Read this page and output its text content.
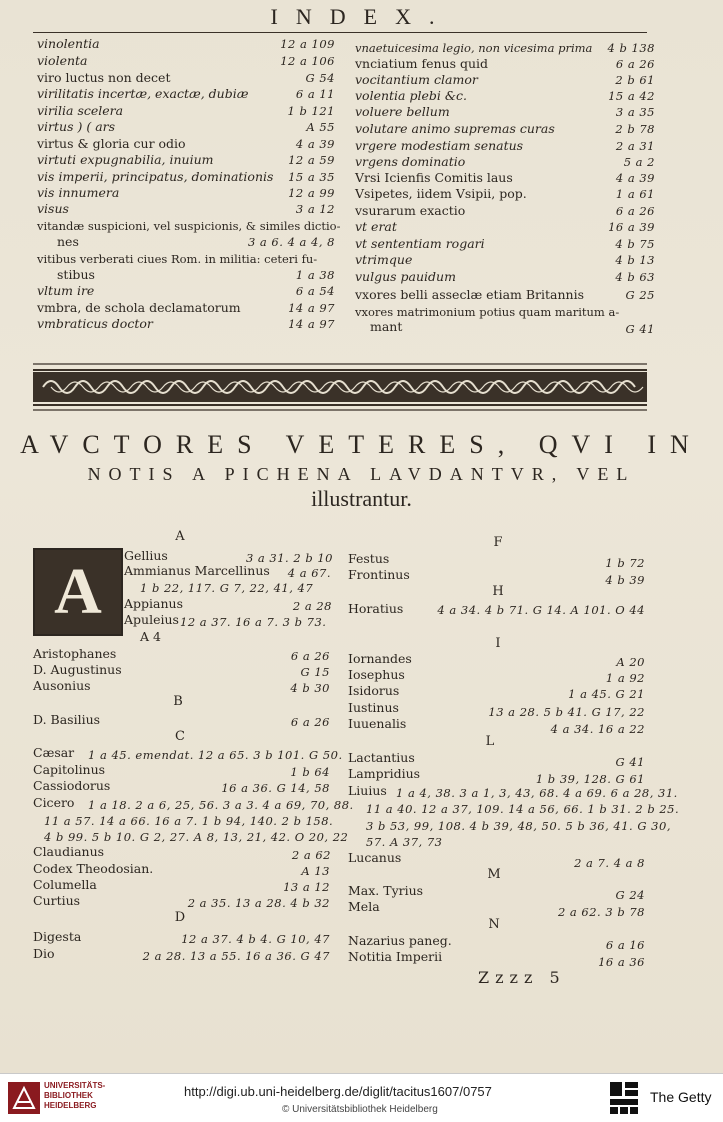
INDEX.
vinolentia	12 a 109
violenta	12 a 106
viro luctus non decet	G 54
virilitatis incertæ, exactæ, dubiæ	6 a 11
virilia scelera	1 b 121
virtus ) ( ars	A 55
virtus & gloria cur odio	4 a 39
virtuti expugnabilia, inuium	12 a 59
vis imperii, principatus, dominationis 15 a 35
vis innumera	12 a 99
visus	3 a 12
vitandæ suspicioni, vel suspicionis, & similes dictio-
nes	3 a 6. 4 a 4, 8
vitibus verberati ciues Rom. in militia: ceteri fu-
stibus	1 a 38
vltum ire	6 a 54
vmbra, de schola declamatorum	14 a 97
vmbraticus doctor	14 a 97
vnaetuicesima legio, non vicesima prima 4 b 138
vnciatium fenus quid	6 a 26
vocitantium clamor	2 b 61
volentia plebi &c.	15 a 42
voluere bellum	3 a 35
volutare animo supremas curas	2 b 78
vrgere modestiam senatus	2 a 31
vrgens dominatio	5 a 2
Vrsi Icienfis Comitis laus	4 a 39
Vsipetes, iidem Vsipii, pop.	1 a 61
vsurarum exactio	6 a 26
vt erat	16 a 39
vt sententiam rogari	4 b 75
vtrimque	4 b 13
vulgus pauidum	4 b 63
vxores belli asseclæ etiam Britannis	G 25
vxores matrimonium potius quam maritum a-
mant	G 41
AVCTORES VETERES, QVI IN
NOTIS A PICHENA LAVDANTVR, VEL
illustrantur.
A
B
C
D
F
H
I
L
M
N
A	Gellius	3 a 31. 2 b 10
Ammianus Marcellinus 4 a 67.
1 b 22, 117. G 7, 22, 41, 47
Appianus	2 a 28
Apuleius 12 a 37. 16 a 7. 3 b 73.
A 4
Aristophanes	6 a 26
D. Augustinus	G 15
Ausonius	4 b 30
D. Basilius	6 a 26
Cæsar 1 a 45. emendat. 12 a 65. 3 b 101. G 50.
Capitolinus	1 b 64
Cassiodorus	16 a 36. G 14, 58
Cicero 1 a 18. 2 a 6, 25, 56. 3 a 3. 4 a 69, 70, 88.
11 a 57. 14 a 66. 16 a 7. 1 b 94, 140. 2 b 158.
4 b 99. 5 b 10. G 2, 27. A 8, 13, 21, 42. O 20, 22
Claudianus	2 a 62
Codex Theodosian.	A 13
Columella	13 a 12
Curtius	2 a 35. 13 a 28. 4 b 32
Digesta	12 a 37. 4 b 4. G 10, 47
Dio	2 a 28. 13 a 55. 16 a 36. G 47
Festus	1 b 72
Frontinus	4 b 39
Horatius	4 a 34. 4 b 71. G 14. A 101. O 44
Iornandes	A 20
Iosephus	1 a 92
Isidorus	1 a 45. G 21
Iustinus	13 a 28. 5 b 41. G 17, 22
Iuuenalis	4 a 34. 16 a 22
Lactantius	G 41
Lampridius	1 b 39, 128. G 61
Liuius 1 a 4, 38. 3 a 1, 3, 43, 68. 4 a 69. 6 a 28, 31.
11 a 40. 12 a 37, 109. 14 a 56, 66. 1 b 31. 2 b 25.
3 b 53, 99, 108. 4 b 39, 48, 50. 5 b 36, 41. G 30,
57. A 37, 73
Lucanus	2 a 7. 4 a 8
Max. Tyrius	G 24
Mela	2 a 62. 3 b 78
Nazarius paneg.	6 a 16
Notitia Imperii	16 a 36
Zzzz 5
UNIVERSITÄTS-
BIBLIOTHEK
HEIDELBERG
http://digi.ub.uni-heidelberg.de/diglit/tacitus1607/0757
© Universitätsbibliothek Heidelberg
The Getty
